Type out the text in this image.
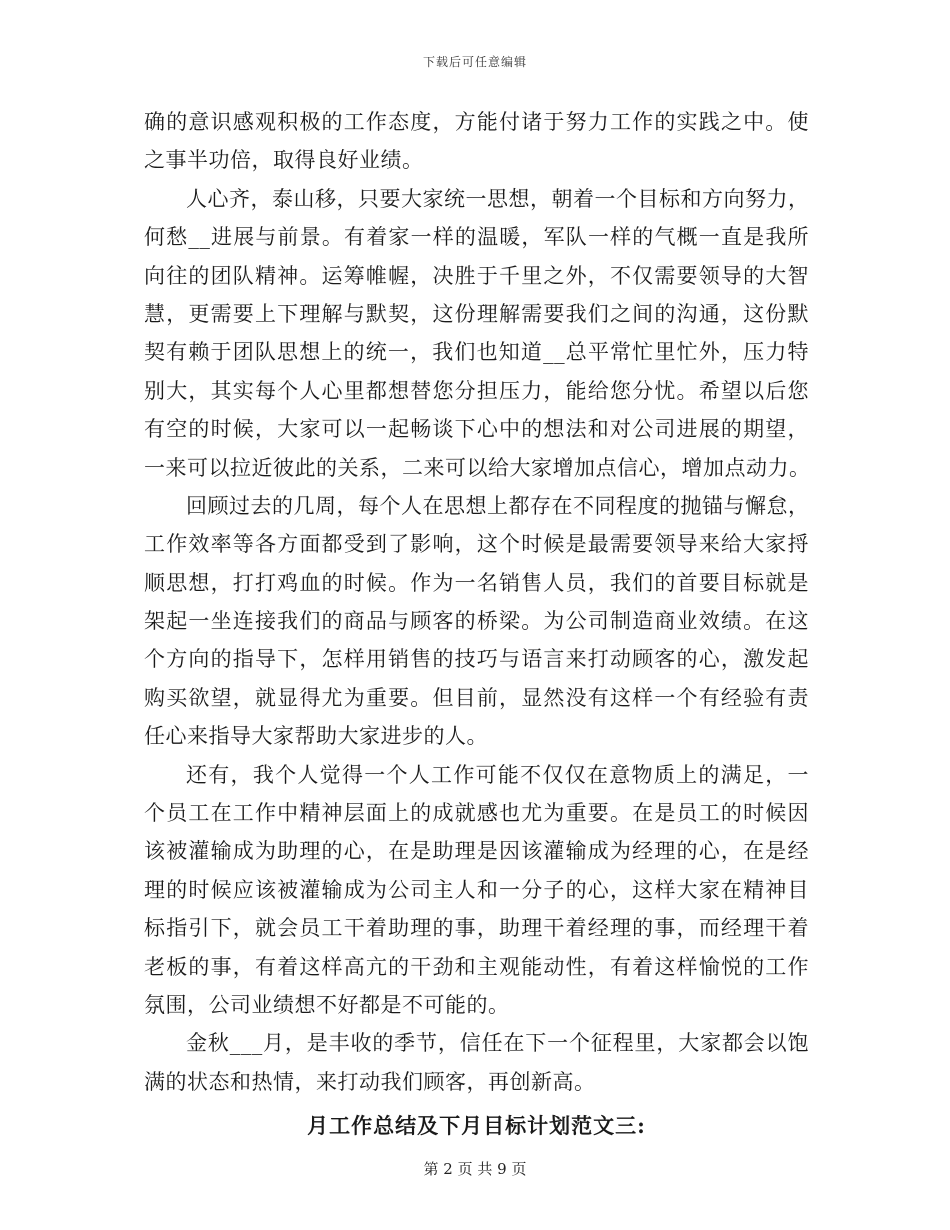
下载后可任意编辑
确的意识感观积极的工作态度，方能付诸于努力工作的实践之中。使
之事半功倍，取得良好业绩。
人心齐，泰山移，只要大家统一思想，朝着一个目标和方向努力，
何愁__进展与前景。有着家一样的温暖，军队一样的气概一直是我所
向往的团队精神。运筹帷幄，决胜于千里之外，不仅需要领导的大智
慧，更需要上下理解与默契，这份理解需要我们之间的沟通，这份默
契有赖于团队思想上的统一，我们也知道__总平常忙里忙外，压力特
别大，其实每个人心里都想替您分担压力，能给您分忧。希望以后您
有空的时候，大家可以一起畅谈下心中的想法和对公司进展的期望，
一来可以拉近彼此的关系，二来可以给大家增加点信心，增加点动力。
回顾过去的几周，每个人在思想上都存在不同程度的抛锚与懈怠，
工作效率等各方面都受到了影响，这个时候是最需要领导来给大家捋
顺思想，打打鸡血的时候。作为一名销售人员，我们的首要目标就是
架起一坐连接我们的商品与顾客的桥梁。为公司制造商业效绩。在这
个方向的指导下，怎样用销售的技巧与语言来打动顾客的心，激发起
购买欲望，就显得尤为重要。但目前，显然没有这样一个有经验有责
任心来指导大家帮助大家进步的人。
还有，我个人觉得一个人工作可能不仅仅在意物质上的满足，一
个员工在工作中精神层面上的成就感也尤为重要。在是员工的时候因
该被灌输成为助理的心，在是助理是因该灌输成为经理的心，在是经
理的时候应该被灌输成为公司主人和一分子的心，这样大家在精神目
标指引下，就会员工干着助理的事，助理干着经理的事，而经理干着
老板的事，有着这样高亢的干劲和主观能动性，有着这样愉悦的工作
氛围，公司业绩想不好都是不可能的。
金秋___月，是丰收的季节，信任在下一个征程里，大家都会以饱
满的状态和热情，来打动我们顾客，再创新高。
月工作总结及下月目标计划范文三:
第 2 页 共 9 页
